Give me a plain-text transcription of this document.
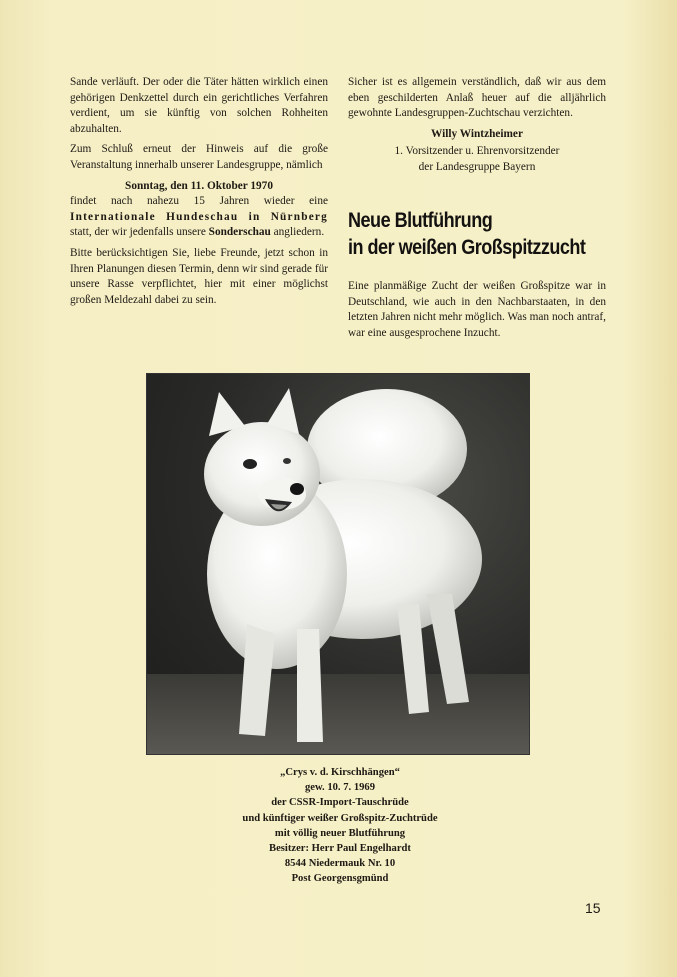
Sande verläuft. Der oder die Täter hätten wirklich einen gehörigen Denkzettel durch ein gerichtliches Verfahren verdient, um sie künftig von solchen Rohheiten abzuhalten.

Zum Schluß erneut der Hinweis auf die große Veranstaltung innerhalb unserer Landesgruppe, nämlich

Sonntag, den 11. Oktober 1970

findet nach nahezu 15 Jahren wieder eine Internationale Hundeschau in Nürnberg statt, der wir jedenfalls unsere Sonderschau angliedern.

Bitte berücksichtigen Sie, liebe Freunde, jetzt schon in Ihren Planungen diesen Termin, denn wir sind gerade für unsere Rasse verpflichtet, hier mit einer möglichst großen Meldezahl dabei zu sein.

Sicher ist es allgemein verständlich, daß wir aus dem eben geschilderten Anlaß heuer auf die alljährlich gewohnte Landesgruppen-Zuchtschau verzichten.

Willy Wintzheimer
1. Vorsitzender u. Ehrenvorsitzender
der Landesgruppe Bayern
Neue Blutführung
in der weißen Großspitzzucht

Eine planmäßige Zucht der weißen Großspitze war in Deutschland, wie auch in den Nachbarstaaten, in den letzten Jahren nicht mehr möglich. Was man noch antraf, war eine ausgesprochene Inzucht.

„Crys v. d. Kirschhängen“
gew. 10. 7. 1969
der CSSR-Import-Tauschrüde
und künftiger weißer Großspitz-Zuchtrüde
mit völlig neuer Blutführung
Besitzer: Herr Paul Engelhardt
8544 Niedermauk Nr. 10
Post Georgensgmünd
15
